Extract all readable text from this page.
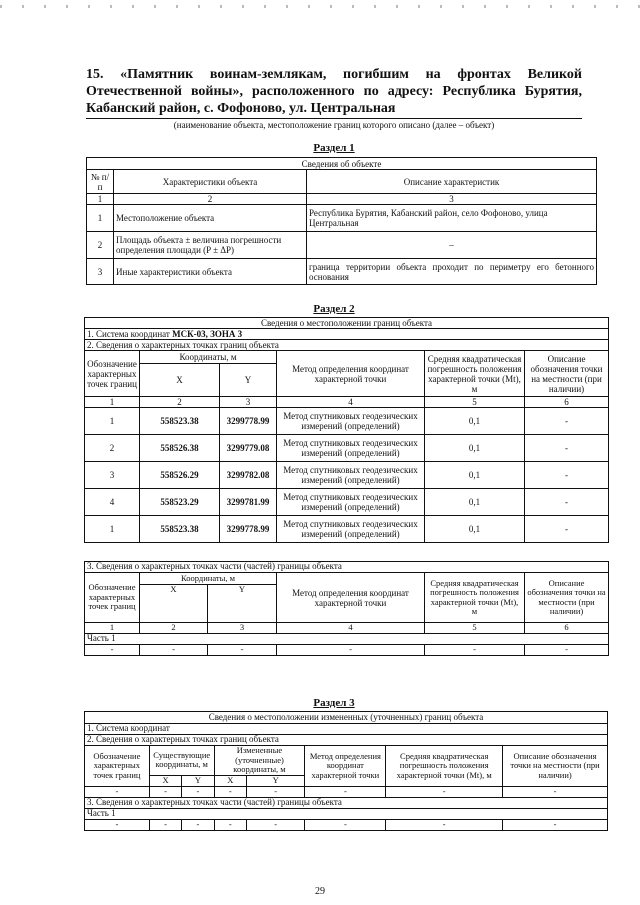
15. «Памятник воинам-землякам, погибшим на фронтах Великой Отечественной войны», расположенного по адресу: Республика Бурятия, Кабанский район, с. Фофоново, ул. Центральная
(наименование объекта, местоположение границ которого описано (далее – объект)
Раздел 1
Сведения об объекте		
№ п/п	Характеристики объекта	Описание характеристик
1	2	3
1	Местоположение объекта	Республика Бурятия, Кабанский район, село Фофоново, улица Центральная
2	Площадь объекта ± величина погрешности определения площади (P ± ΔP)	–
3	Иные характеристики объекта	граница территории объекта проходит по периметру его бетонного основания
Раздел 2
Сведения о местоположении границ объекта					
1. Система координат МСК-03, ЗОНА 3					
2. Сведения о характерных точках границ объекта					
Обозначение характерных точек границ	Координаты, м		Метод определения координат характерной точки	Средняя квадратическая погрешность положения характерной точки (Mt), м	Описание обозначения точки на местности (при наличии)
	X	Y			
1	2	3	4	5	6
1	558523.38	3299778.99	Метод спутниковых геодезических измерений (определений)	0,1	-
2	558526.38	3299779.08	Метод спутниковых геодезических измерений (определений)	0,1	-
3	558526.29	3299782.08	Метод спутниковых геодезических измерений (определений)	0,1	-
4	558523.29	3299781.99	Метод спутниковых геодезических измерений (определений)	0,1	-
1	558523.38	3299778.99	Метод спутниковых геодезических измерений (определений)	0,1	-
3. Сведения о характерных точках части (частей) границы объекта					
Обозначение характерных точек границ	Координаты, м		Метод определения координат характерной точки	Средняя квадратическая погрешность положения характерной точки (Mt), м	Описание обозначения точки на местности (при наличии)
	X	Y			
1	2	3	4	5	6
Часть 1					
-	-	-	-	-	-
Раздел 3
Сведения о местоположении измененных (уточненных) границ объекта							
1. Система координат							
2. Сведения о характерных точках границ объекта							
Обозначение характерных точек границ	Существующие координаты, м		Измененные (уточненные) координаты, м		Метод определения координат характерной точки	Средняя квадратическая погрешность положения характерной точки (Mt), м	Описание обозначения точки на местности (при наличии)
	X	Y	X	Y			
-	-	-	-	-	-	-	-
3. Сведения о характерных точках части (частей) границы объекта							
Часть 1							
-	-	-	-	-	-	-	-
29
